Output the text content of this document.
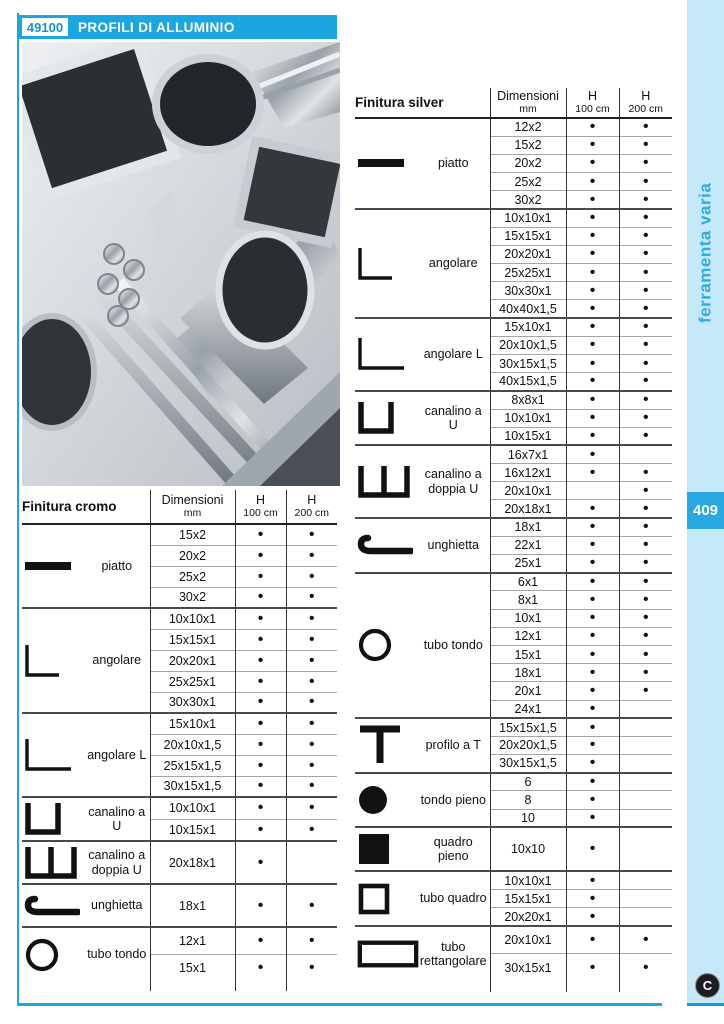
49100 PROFILI DI ALLUMINIO
Finitura cromo	Dimensioni
mm

H
100 cm

H
200 cm

piatto	15x2	•	•
	20x2	•	•
	25x2	•	•
	30x2	•	•

angolare	10x10x1	•	•
	15x15x1	•	•
	20x20x1	•	•
	25x25x1	•	•
	30x30x1	•	•

angolare L	15x10x1	•	•
	20x10x1,5	•	•
	25x15x1,5	•	•
	30x15x1,5	•	•

canalino a U	10x10x1	•	•
	10x15x1	•	•

canalino a doppia U	20x18x1	•	

unghietta	18x1	•	•

tubo tondo	12x1	•	•
	15x1	•	•

Finitura silver	Dimensioni
mm

H
100 cm

H
200 cm

piatto	12x2	•	•
	15x2	•	•
	20x2	•	•
	25x2	•	•
	30x2	•	•

angolare	10x10x1	•	•
	15x15x1	•	•
	20x20x1	•	•
	25x25x1	•	•
	30x30x1	•	•
	40x40x1,5	•	•

angolare L	15x10x1	•	•
	20x10x1,5	•	•
	30x15x1,5	•	•
	40x15x1,5	•	•

canalino a U	8x8x1	•	•
	10x10x1	•	•
	10x15x1	•	•

canalino a doppia U	16x7x1	•	
	16x12x1	•	•
	20x10x1		•
	20x18x1	•	•

unghietta	18x1	•	•
	22x1	•	•
	25x1	•	•

tubo tondo	6x1	•	•
	8x1	•	•
	10x1	•	•
	12x1	•	•
	15x1	•	•
	18x1	•	•
	20x1	•	•
	24x1	•	

profilo a T	15x15x1,5	•	
	20x20x1,5	•	
	30x15x1,5	•	

tondo pieno	6	•	
	8	•	
	10	•	

quadro pieno	10x10	•	

tubo quadro	10x10x1	•	
	15x15x1	•	
	20x20x1	•	

tubo rettangolare	20x10x1	•	•
	30x15x1	•	•

ferramenta varia
409
C
